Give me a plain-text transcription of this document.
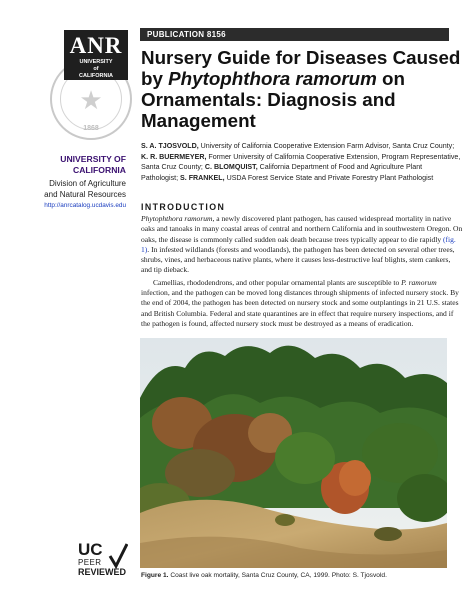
★
1868
ANR
UNIVERSITY
of
CALIFORNIA
UNIVERSITY OF CALIFORNIA
Division of Agriculture and Natural Resources
http://anrcatalog.ucdavis.edu
PUBLICATION 8156
Nursery Guide for Diseases Caused by Phytophthora ramorum on Ornamentals: Diagnosis and Management
S. A. TJOSVOLD, University of California Cooperative Extension Farm Advisor, Santa Cruz County; K. R. BUERMEYER, Former University of California Cooperative Extension, Program Representative, Santa Cruz County; C. BLOMQUIST, California Department of Food and Agriculture Plant Pathologist; S. FRANKEL, USDA Forest Service State and Private Forestry Plant Pathologist
INTRODUCTION

Phytophthora ramorum, a newly discovered plant pathogen, has caused widespread mortality in native oaks and tanoaks in many coastal areas of central and northern California and in southwestern Oregon. On oaks, the disease is commonly called sudden oak death because trees typically appear to die rapidly (fig. 1). In infested wildlands (forests and woodlands), the pathogen has been detected on several other trees, shrubs, vines, and herbaceous native plants, where it causes less-destructive leaf blights, stem cankers, and tip dieback.

Camellias, rhododendrons, and other popular ornamental plants are susceptible to P. ramorum infection, and the pathogen can be moved long distances through shipments of infected nursery stock. By the end of 2004, the pathogen has been detected on nursery stock and some outplantings in 21 U.S. states and British Columbia. Federal and state quarantines are in effect that require nursery inspections, and if the pathogen is found, affected nursery stock must be destroyed as a means of eradication.

Figure 1. Coast live oak mortality, Santa Cruz County, CA, 1999. Photo: S. Tjosvold.
UC
PEER
REVIEWED
